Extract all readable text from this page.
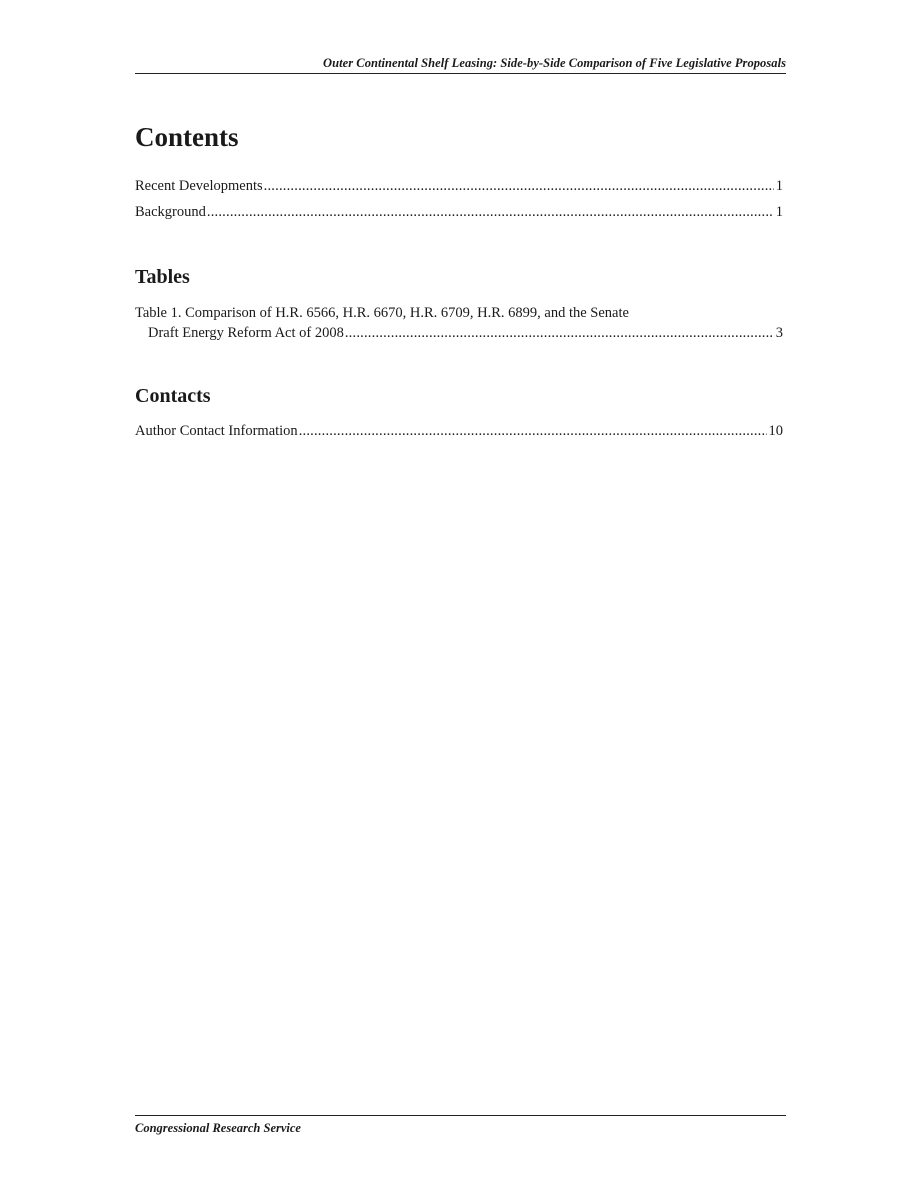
Outer Continental Shelf Leasing: Side-by-Side Comparison of Five Legislative Proposals
Contents
Recent Developments .....	1
Background .....	1
Tables
Table 1. Comparison of H.R. 6566, H.R. 6670, H.R. 6709, H.R. 6899, and the Senate
Draft Energy Reform Act of 2008 .....	3
Contacts
Author Contact Information .....	10
Congressional Research Service
